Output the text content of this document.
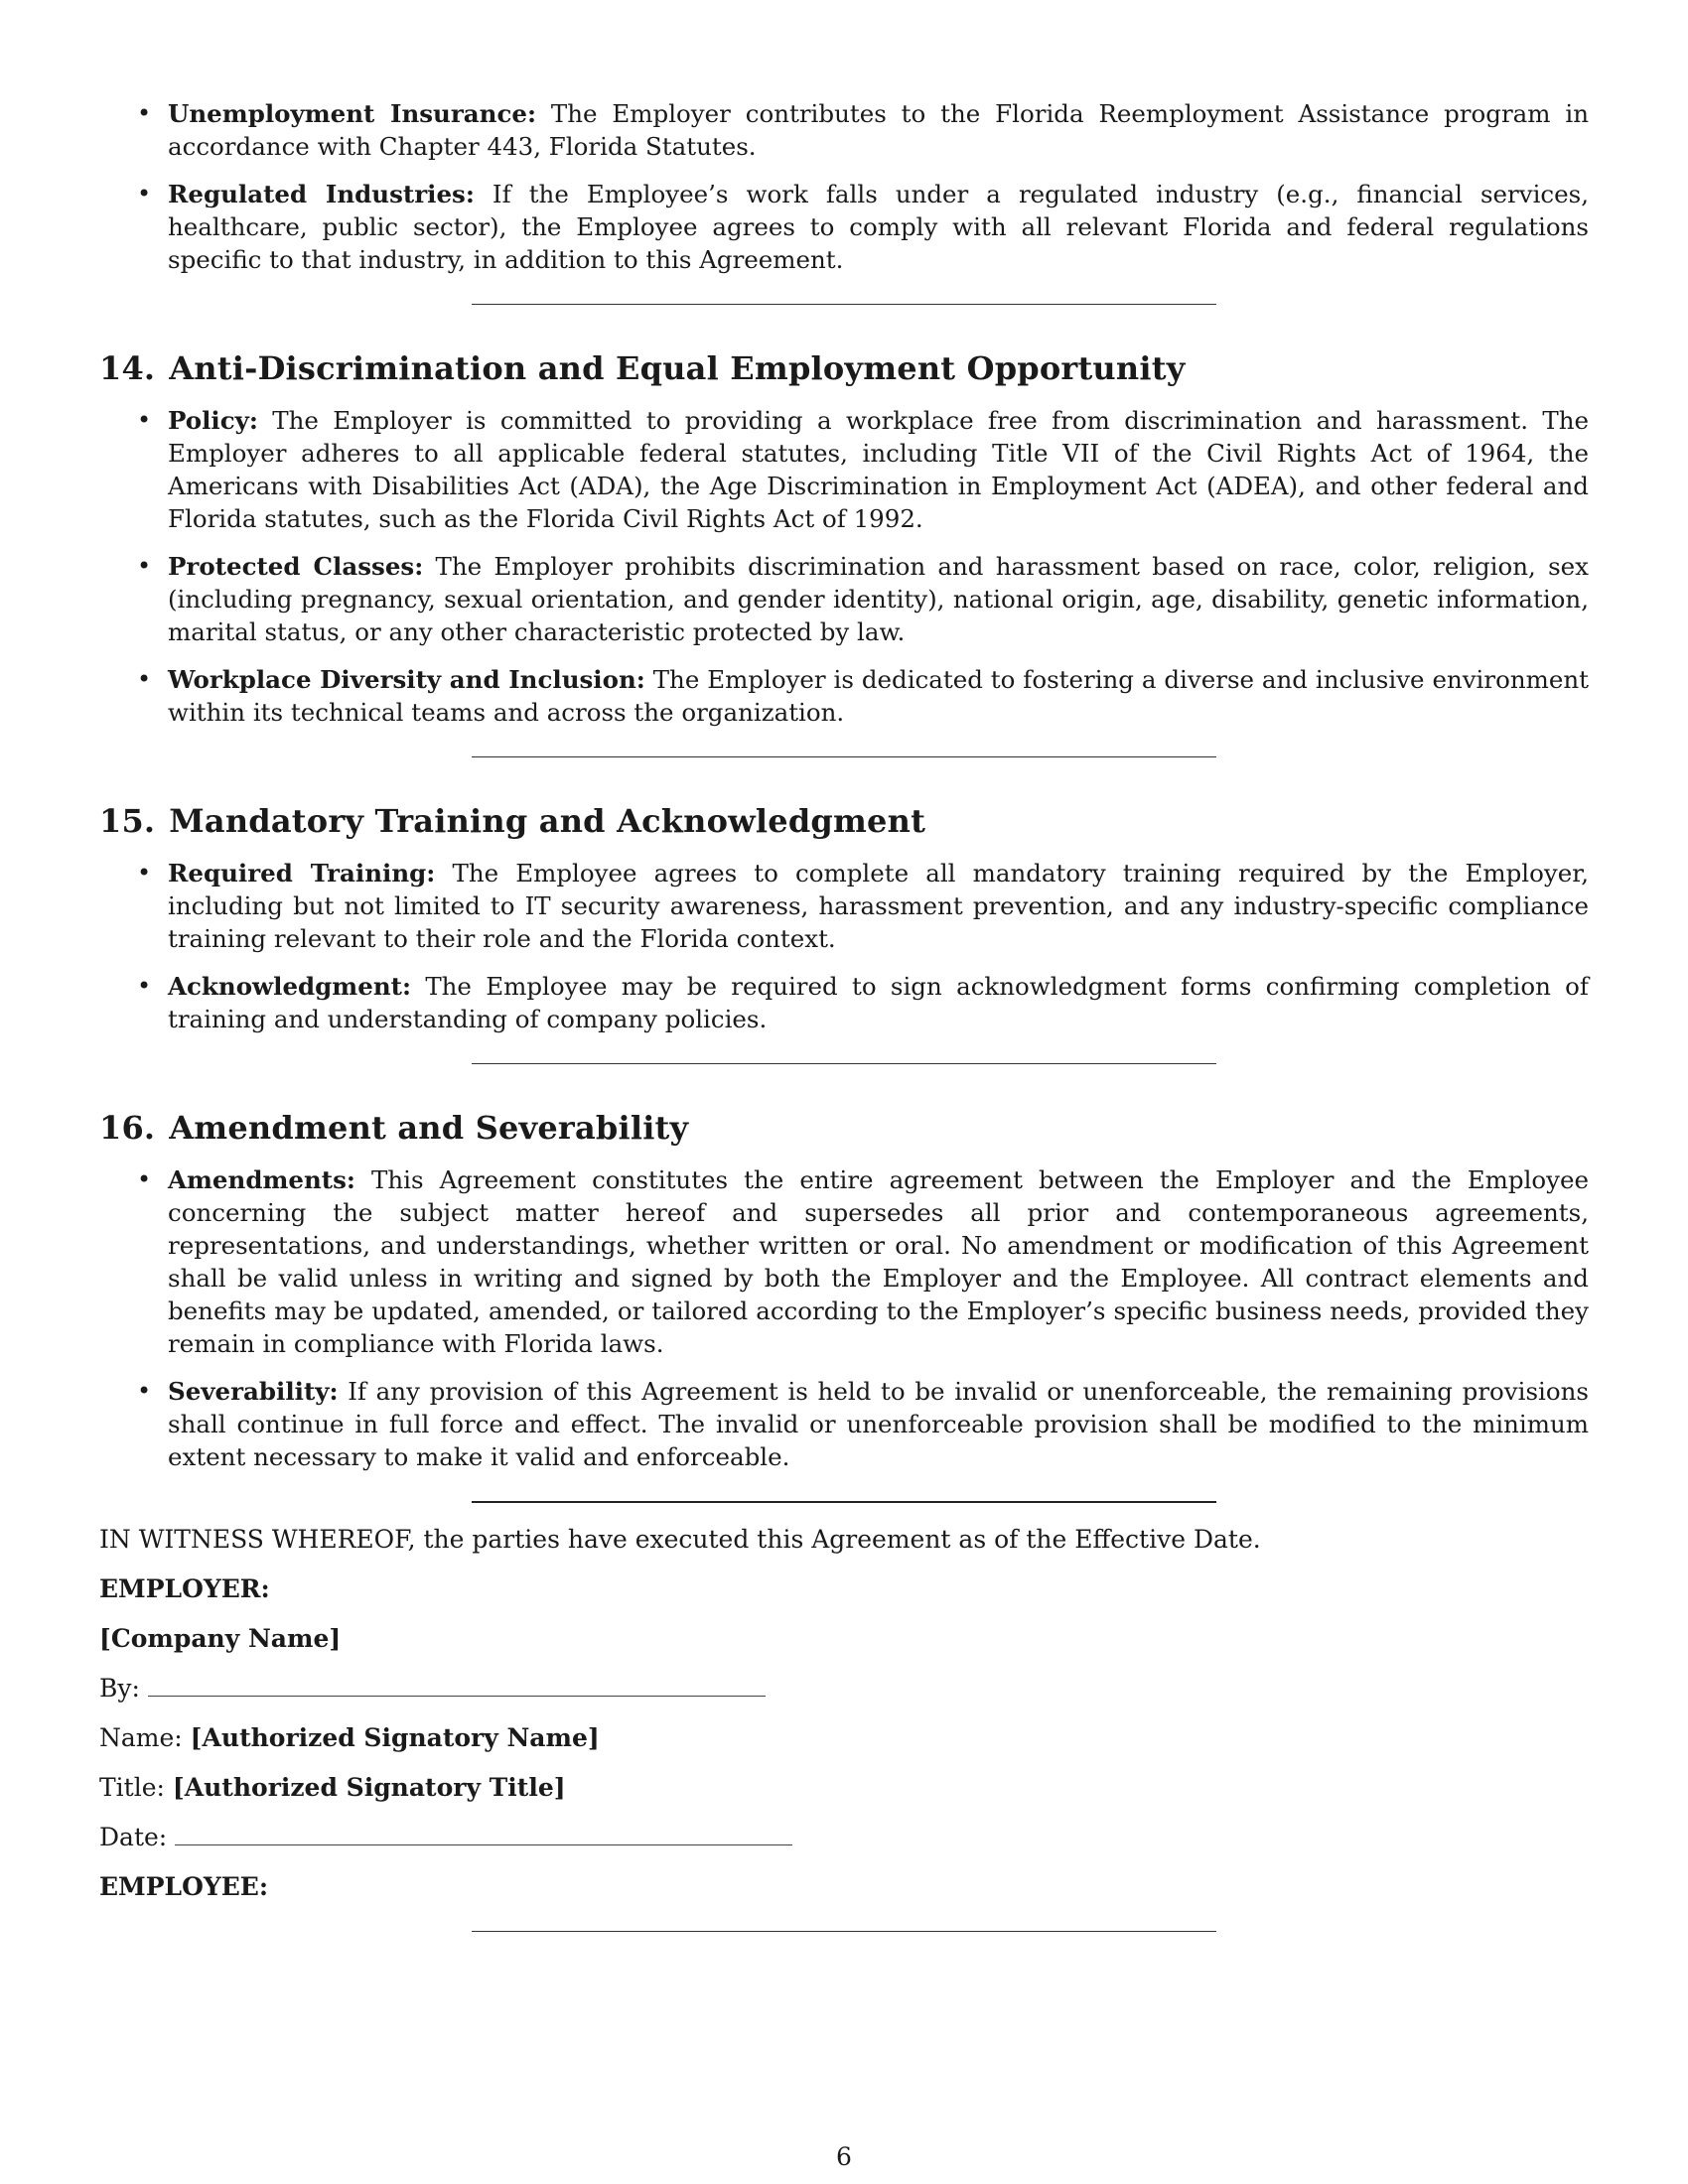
• Unemployment Insurance: The Employer contributes to the Florida Reemployment Assistance program in accordance with Chapter 443, Florida Statutes.
• Regulated Industries: If the Employee’s work falls under a regulated industry (e.g., financial services, healthcare, public sector), the Employee agrees to comply with all relevant Florida and federal regulations specific to that industry, in addition to this Agreement.
14. Anti-Discrimination and Equal Employment Opportunity
• Policy: The Employer is committed to providing a workplace free from discrimination and harassment. The Employer adheres to all applicable federal statutes, including Title VII of the Civil Rights Act of 1964, the Americans with Disabilities Act (ADA), the Age Discrimination in Employment Act (ADEA), and other federal and Florida statutes, such as the Florida Civil Rights Act of 1992.
• Protected Classes: The Employer prohibits discrimination and harassment based on race, color, religion, sex (including pregnancy, sexual orientation, and gender identity), national origin, age, disability, genetic information, marital status, or any other characteristic protected by law.
• Workplace Diversity and Inclusion: The Employer is dedicated to fostering a diverse and inclusive environment within its technical teams and across the organization.
15. Mandatory Training and Acknowledgment
• Required Training: The Employee agrees to complete all mandatory training required by the Employer, including but not limited to IT security awareness, harassment prevention, and any industry-specific compliance training relevant to their role and the Florida context.
• Acknowledgment: The Employee may be required to sign acknowledgment forms confirming completion of training and understanding of company policies.
16. Amendment and Severability
• Amendments: This Agreement constitutes the entire agreement between the Employer and the Employee concerning the subject matter hereof and supersedes all prior and contemporaneous agreements, representations, and understandings, whether written or oral. No amendment or modification of this Agreement shall be valid unless in writing and signed by both the Employer and the Employee. All contract elements and benefits may be updated, amended, or tailored according to the Employer’s specific business needs, provided they remain in compliance with Florida laws.
• Severability: If any provision of this Agreement is held to be invalid or unenforceable, the remaining provisions shall continue in full force and effect. The invalid or unenforceable provision shall be modified to the minimum extent necessary to make it valid and enforceable.
IN WITNESS WHEREOF, the parties have executed this Agreement as of the Effective Date.
EMPLOYER:
[Company Name]
By:
Name: [Authorized Signatory Name]
Title: [Authorized Signatory Title]
Date:
EMPLOYEE:
6
